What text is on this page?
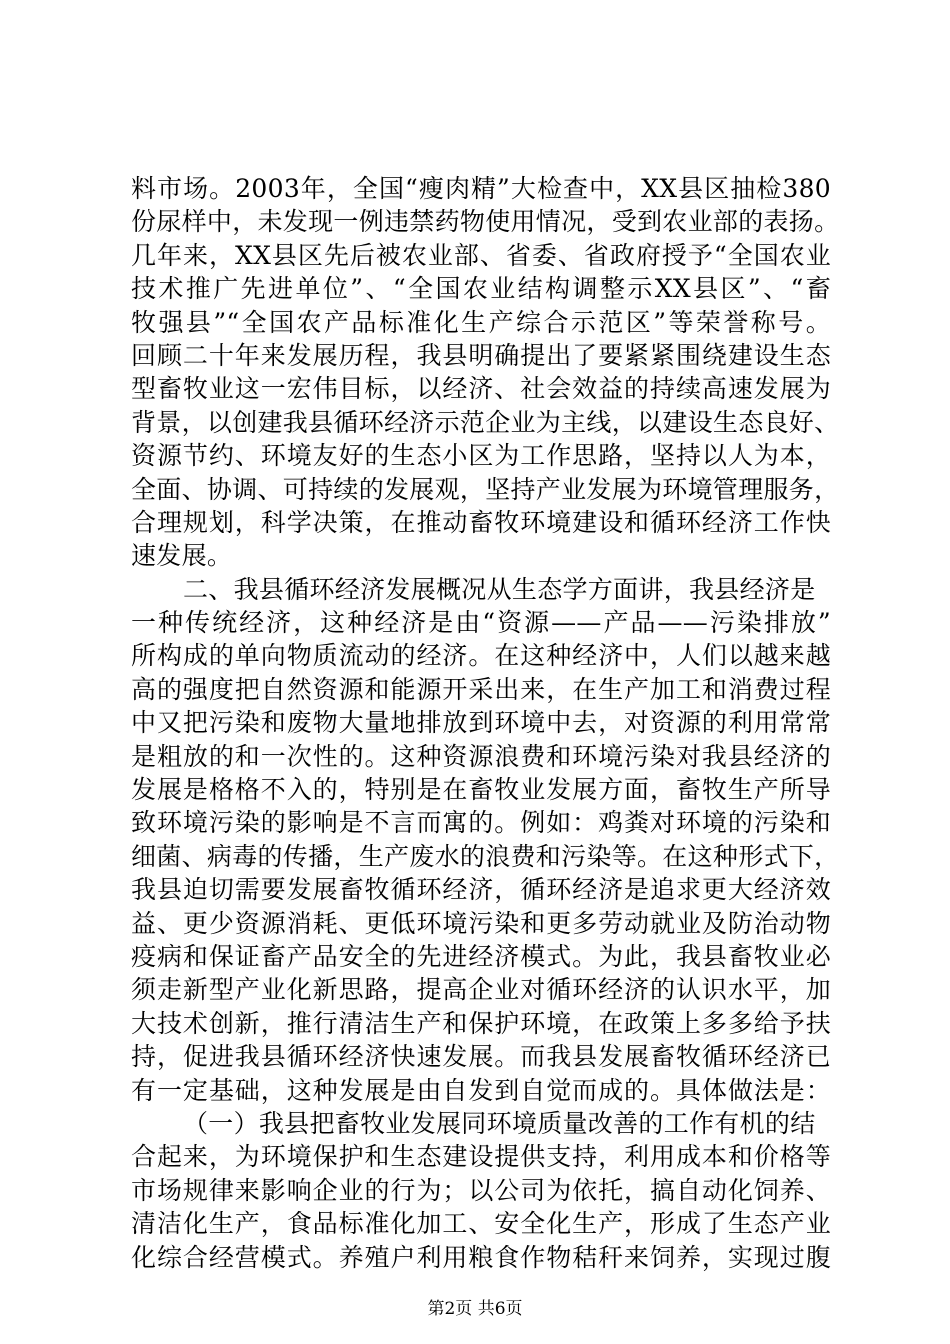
料市场。2003年，全国“瘦肉精”大检查中，XX县区抽检380
份尿样中，未发现一例违禁药物使用情况，受到农业部的表扬。
几年来，XX县区先后被农业部、省委、省政府授予“全国农业
技术推广先进单位”、“全国农业结构调整示XX县区”、“畜
牧强县”“全国农产品标准化生产综合示范区”等荣誉称号。
回顾二十年来发展历程，我县明确提出了要紧紧围绕建设生态
型畜牧业这一宏伟目标，以经济、社会效益的持续高速发展为
背景，以创建我县循环经济示范企业为主线，以建设生态良好、
资源节约、环境友好的生态小区为工作思路，坚持以人为本，
全面、协调、可持续的发展观，坚持产业发展为环境管理服务，
合理规划，科学决策，在推动畜牧环境建设和循环经济工作快
速发展。
二、我县循环经济发展概况从生态学方面讲，我县经济是
一种传统经济，这种经济是由“资源——产品——污染排放”
所构成的单向物质流动的经济。在这种经济中，人们以越来越
高的强度把自然资源和能源开采出来，在生产加工和消费过程
中又把污染和废物大量地排放到环境中去，对资源的利用常常
是粗放的和一次性的。这种资源浪费和环境污染对我县经济的
发展是格格不入的，特别是在畜牧业发展方面，畜牧生产所导
致环境污染的影响是不言而寓的。例如：鸡粪对环境的污染和
细菌、病毒的传播，生产废水的浪费和污染等。在这种形式下，
我县迫切需要发展畜牧循环经济，循环经济是追求更大经济效
益、更少资源消耗、更低环境污染和更多劳动就业及防治动物
疫病和保证畜产品安全的先进经济模式。为此，我县畜牧业必
须走新型产业化新思路，提高企业对循环经济的认识水平，加
大技术创新，推行清洁生产和保护环境，在政策上多多给予扶
持，促进我县循环经济快速发展。而我县发展畜牧循环经济已
有一定基础，这种发展是由自发到自觉而成的。具体做法是：
（一）我县把畜牧业发展同环境质量改善的工作有机的结
合起来，为环境保护和生态建设提供支持，利用成本和价格等
市场规律来影响企业的行为；以公司为依托，搞自动化饲养、
清洁化生产，食品标准化加工、安全化生产，形成了生态产业
化综合经营模式。养殖户利用粮食作物秸秆来饲养，实现过腹
第2页 共6页
